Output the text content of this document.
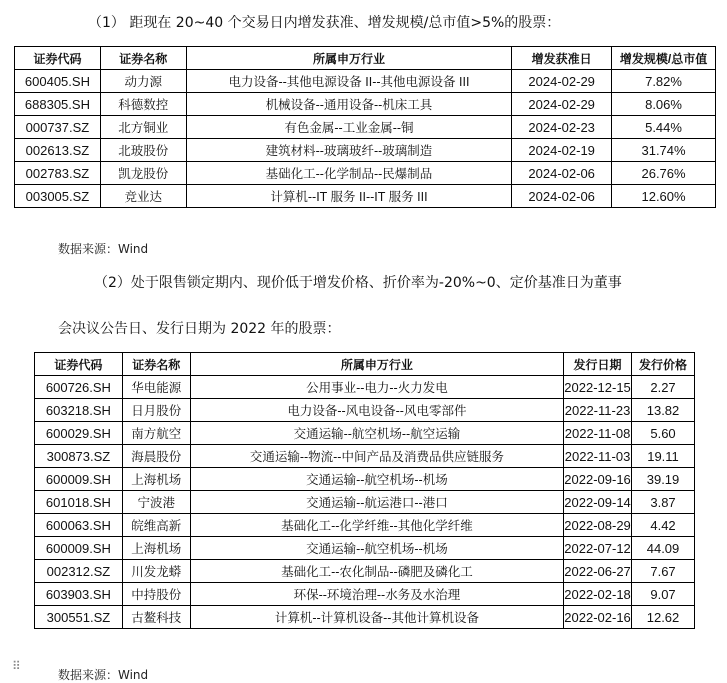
（1） 距现在 20~40 个交易日内增发获准、增发规模/总市值>5%的股票：
证券代码	证券名称	所属申万行业	增发获准日	增发规模/总市值
600405.SH	动力源	电力设备--其他电源设备 II--其他电源设备 III	2024-02-29	7.82%
688305.SH	科德数控	机械设备--通用设备--机床工具	2024-02-29	8.06%
000737.SZ	北方铜业	有色金属--工业金属--铜	2024-02-23	5.44%
002613.SZ	北玻股份	建筑材料--玻璃玻纤--玻璃制造	2024-02-19	31.74%
002783.SZ	凯龙股份	基础化工--化学制品--民爆制品	2024-02-06	26.76%
003005.SZ	竞业达	计算机--IT 服务 II--IT 服务 III	2024-02-06	12.60%
数据来源：Wind
（2）处于限售锁定期内、现价低于增发价格、折价率为-20%~0、定价基准日为董事
会决议公告日、发行日期为 2022 年的股票：
证券代码	证券名称	所属申万行业	发行日期	发行价格
600726.SH	华电能源	公用事业--电力--火力发电	2022-12-15	2.27
603218.SH	日月股份	电力设备--风电设备--风电零部件	2022-11-23	13.82
600029.SH	南方航空	交通运输--航空机场--航空运输	2022-11-08	5.60
300873.SZ	海晨股份	交通运输--物流--中间产品及消费品供应链服务	2022-11-03	19.11
600009.SH	上海机场	交通运输--航空机场--机场	2022-09-16	39.19
601018.SH	宁波港	交通运输--航运港口--港口	2022-09-14	3.87
600063.SH	皖维高新	基础化工--化学纤维--其他化学纤维	2022-08-29	4.42
600009.SH	上海机场	交通运输--航空机场--机场	2022-07-12	44.09
002312.SZ	川发龙蟒	基础化工--农化制品--磷肥及磷化工	2022-06-27	7.67
603903.SH	中持股份	环保--环境治理--水务及水治理	2022-02-18	9.07
300551.SZ	古鳌科技	计算机--计算机设备--其他计算机设备	2022-02-16	12.62
⠿
数据来源：Wind
